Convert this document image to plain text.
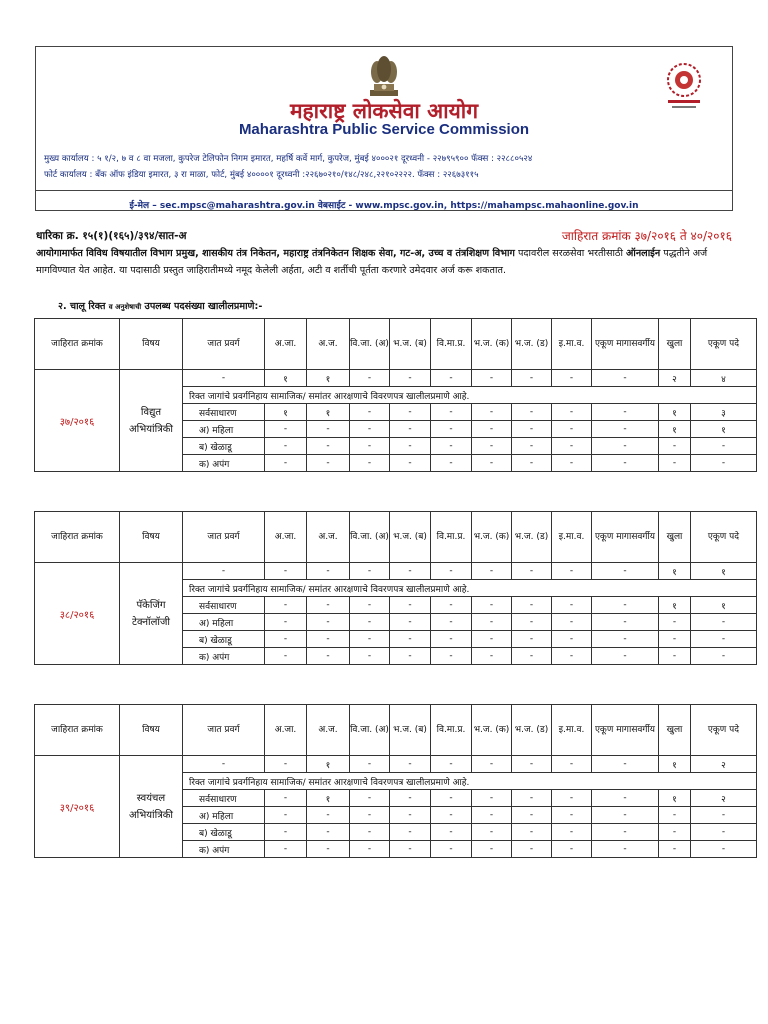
महाराष्ट्र लोकसेवा आयोग
Maharashtra Public Service Commission
मुख्य कार्यालय : ५ १/२, ७ व ८ वा मजला, कुपरेज टेलिफोन निगम इमारत, महर्षि कर्वे मार्ग, कुपरेज, मुंबई ४०००२१ दूरध्वनी - २२७९५९०० फॅक्स : २२८८०५२४
फोर्ट कार्यालय : बॅंक ऑफ इंडिया इमारत, ३ रा माळा, फोर्ट, मुंबई ४००००१ दूरध्वनी :२२६७०२१०/१४८/२४८,२२१०२२२२. फॅक्स : २२६७३११५
ई-मेल – sec.mpsc@maharashtra.gov.in वेबसाईट - www.mpsc.gov.in, https://mahampsc.mahaonline.gov.in
धारिका क्र. १५(१)(१६५)/३९४/सात-अ	जाहिरात क्रमांक ३७/२०१६ ते ४०/२०१६
आयोगामार्फत विविध विषयातील विभाग प्रमुख, शासकीय तंत्र निकेतन, महाराष्ट्र तंत्रनिकेतन शिक्षक सेवा, गट-अ, उच्च व तंत्रशिक्षण विभाग पदावरील सरळसेवा भरतीसाठी ऑनलाईन पद्धतीने अर्ज मागविण्यात येत आहेत. या पदासाठी प्रस्तुत जाहिरातीमध्ये नमूद केलेली अर्हता, अटी व शर्तीची पूर्तता करणारे उमेदवार अर्ज करू शकतात.
२. चालू रिक्त व अनुशेषाची उपलब्ध पदसंख्या खालीलप्रमाणे:-
जाहिरात क्रमांक	विषय	जात प्रवर्ग	अ.जा.	अ.ज.	वि.जा. (अ)	भ.ज. (ब)	वि.मा.प्र.	भ.ज. (क)	भ.ज. (ड)	इ.मा.व.	एकूण मागासवर्गीय	खुला	एकूण पदे
३७/२०१६	विद्युत अभियांत्रिकी	-	१	१	-	-	-	-	-	-	-	२	४
		रिक्त जागांचे प्रवर्गनिहाय सामाजिक/ समांतर आरक्षणाचे विवरणपत्र खालीलप्रमाणे आहे.											
		सर्वसाधारण	१	१	-	-	-	-	-	-	-	१	३
		अ) महिला	-	-	-	-	-	-	-	-	-	१	१
		ब) खेळाडू	-	-	-	-	-	-	-	-	-	-	-
		क) अपंग	-	-	-	-	-	-	-	-	-	-	-
जाहिरात क्रमांक	विषय	जात प्रवर्ग	अ.जा.	अ.ज.	वि.जा. (अ)	भ.ज. (ब)	वि.मा.प्र.	भ.ज. (क)	भ.ज. (ड)	इ.मा.व.	एकूण मागासवर्गीय	खुला	एकूण पदे
३८/२०१६	पॅकेजिंग टेक्नॉलॉजी	-	-	-	-	-	-	-	-	-	-	१	१
		रिक्त जागांचे प्रवर्गनिहाय सामाजिक/ समांतर आरक्षणाचे विवरणपत्र खालीलप्रमाणे आहे.											
		सर्वसाधारण	-	-	-	-	-	-	-	-	-	१	१
		अ) महिला	-	-	-	-	-	-	-	-	-	-	-
		ब) खेळाडू	-	-	-	-	-	-	-	-	-	-	-
		क) अपंग	-	-	-	-	-	-	-	-	-	-	-
जाहिरात क्रमांक	विषय	जात प्रवर्ग	अ.जा.	अ.ज.	वि.जा. (अ)	भ.ज. (ब)	वि.मा.प्र.	भ.ज. (क)	भ.ज. (ड)	इ.मा.व.	एकूण मागासवर्गीय	खुला	एकूण पदे
३९/२०१६	स्वयंचल अभियांत्रिकी	-	-	१	-	-	-	-	-	-	-	१	२
		रिक्त जागांचे प्रवर्गनिहाय सामाजिक/ समांतर आरक्षणाचे विवरणपत्र खालीलप्रमाणे आहे.											
		सर्वसाधारण	-	१	-	-	-	-	-	-	-	१	२
		अ) महिला	-	-	-	-	-	-	-	-	-	-	-
		ब) खेळाडू	-	-	-	-	-	-	-	-	-	-	-
		क) अपंग	-	-	-	-	-	-	-	-	-	-	-
